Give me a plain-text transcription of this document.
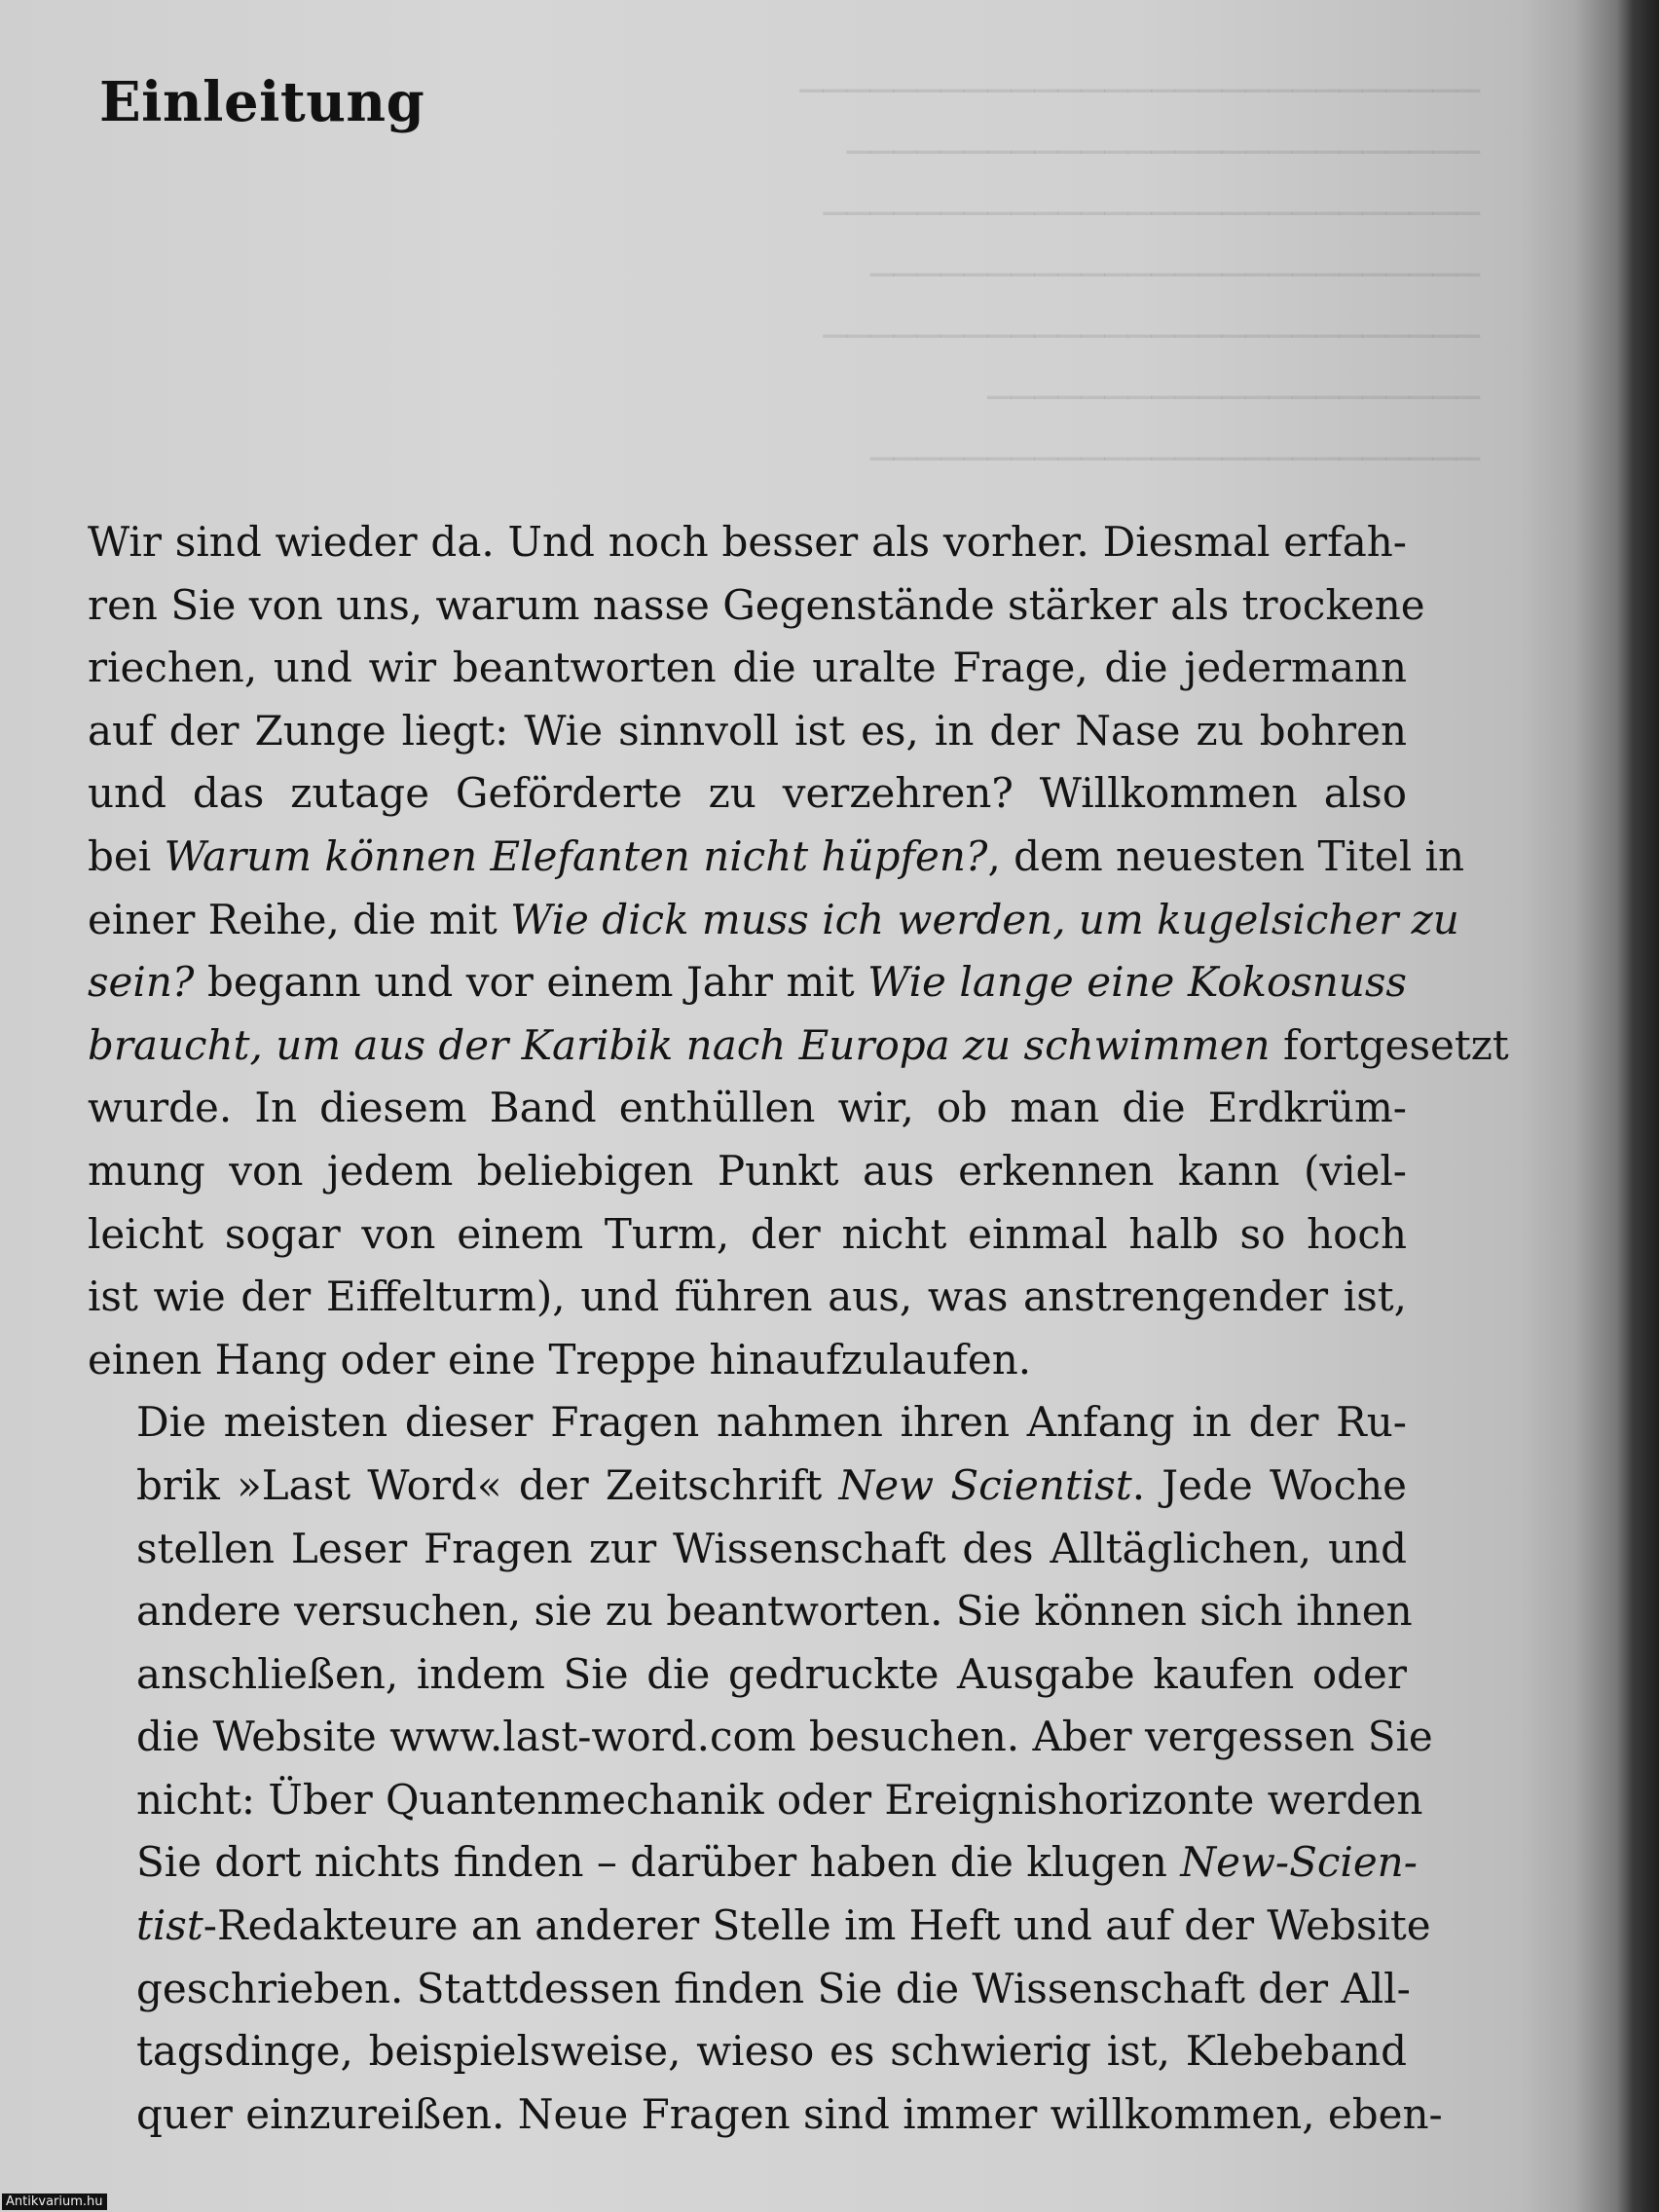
─────────────────────────────
───────────────────────────
────────────────────────────
──────────────────────────
────────────────────────────
─────────────────────
──────────────────────────

Einleitung

Wir sind wieder da. Und noch besser als vorher. Diesmal erfah-
ren Sie von uns, warum nasse Gegenstände stärker als trockene
riechen, und wir beantworten die uralte Frage, die jedermann
auf der Zunge liegt: Wie sinnvoll ist es, in der Nase zu bohren
und das zutage Geförderte zu verzehren? Willkommen also
bei Warum können Elefanten nicht hüpfen?, dem neuesten Titel in
einer Reihe, die mit Wie dick muss ich werden, um kugelsicher zu
sein? begann und vor einem Jahr mit Wie lange eine Kokosnuss
braucht, um aus der Karibik nach Europa zu schwimmen fortgesetzt
wurde. In diesem Band enthüllen wir, ob man die Erdkrüm-
mung von jedem beliebigen Punkt aus erkennen kann (viel-
leicht sogar von einem Turm, der nicht einmal halb so hoch
ist wie der Eiffelturm), und führen aus, was anstrengender ist,
einen Hang oder eine Treppe hinaufzulaufen.

Die meisten dieser Fragen nahmen ihren Anfang in der Ru-
brik »Last Word« der Zeitschrift New Scientist. Jede Woche
stellen Leser Fragen zur Wissenschaft des Alltäglichen, und
andere versuchen, sie zu beantworten. Sie können sich ihnen
anschließen, indem Sie die gedruckte Ausgabe kaufen oder
die Website www.last-word.com besuchen. Aber vergessen Sie
nicht: Über Quantenmechanik oder Ereignishorizonte werden
Sie dort nichts finden – darüber haben die klugen New-Scien-
tist-Redakteure an anderer Stelle im Heft und auf der Website
geschrieben. Stattdessen finden Sie die Wissenschaft der All-
tagsdinge, beispielsweise, wieso es schwierig ist, Klebeband
quer einzureißen. Neue Fragen sind immer willkommen, eben-

Antikvarium.hu
